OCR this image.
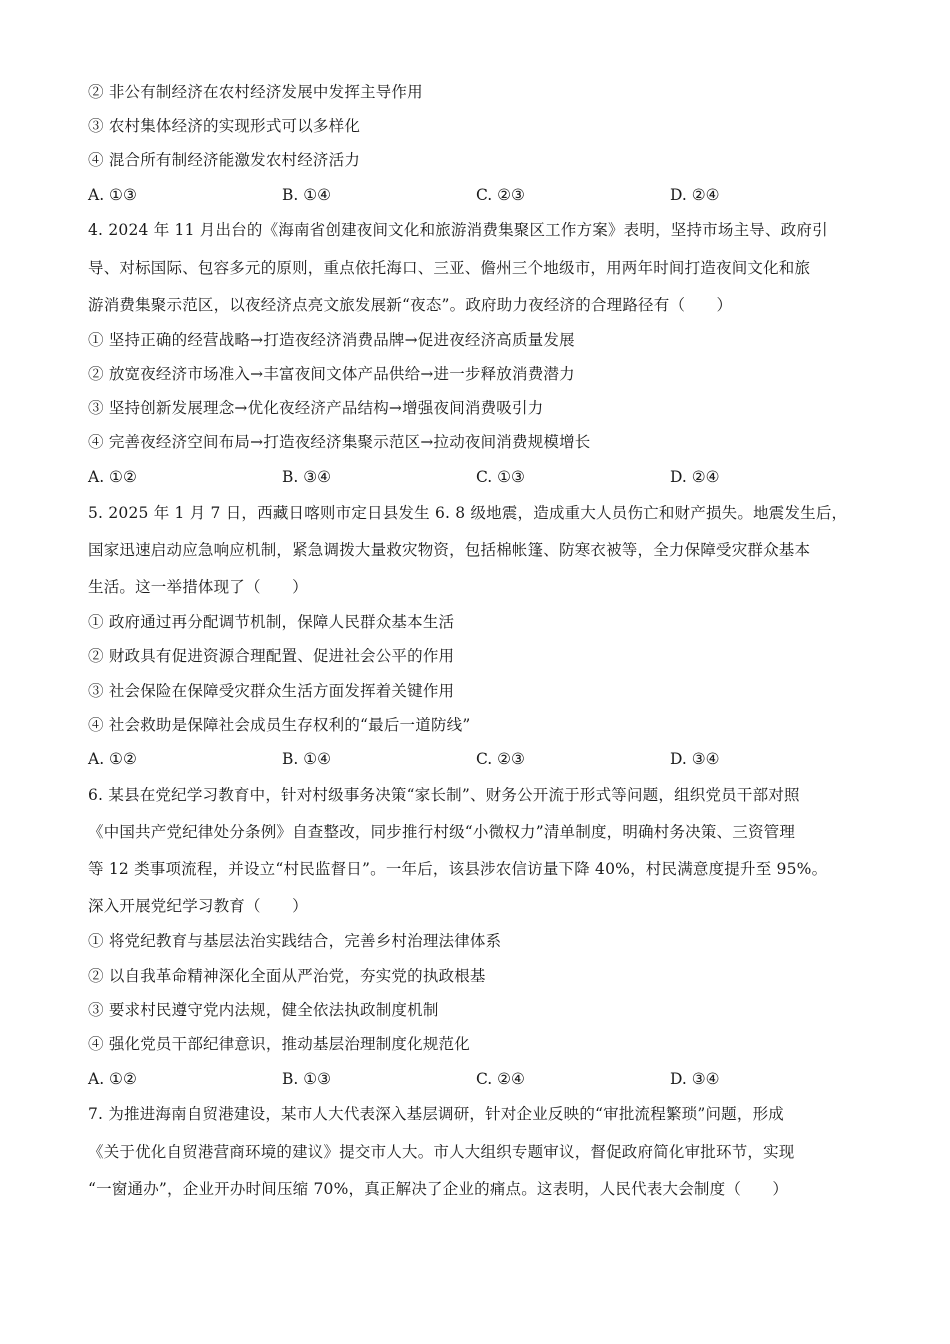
② 非公有制经济在农村经济发展中发挥主导作用
③ 农村集体经济的实现形式可以多样化
④ 混合所有制经济能激发农村经济活力
A. ①③	B. ①④	C. ②③	D. ②④
4. 2024 年 11 月出台的《海南省创建夜间文化和旅游消费集聚区工作方案》表明，坚持市场主导、政府引
导、对标国际、包容多元的原则，重点依托海口、三亚、儋州三个地级市，用两年时间打造夜间文化和旅
游消费集聚示范区，以夜经济点亮文旅发展新“夜态”。政府助力夜经济的合理路径有（　　）
① 坚持正确的经营战略→打造夜经济消费品牌→促进夜经济高质量发展
② 放宽夜经济市场准入→丰富夜间文体产品供给→进一步释放消费潜力
③ 坚持创新发展理念→优化夜经济产品结构→增强夜间消费吸引力
④ 完善夜经济空间布局→打造夜经济集聚示范区→拉动夜间消费规模增长
A. ①②	B. ③④	C. ①③	D. ②④
5. 2025 年 1 月 7 日，西藏日喀则市定日县发生 6. 8 级地震，造成重大人员伤亡和财产损失。地震发生后，
国家迅速启动应急响应机制，紧急调拨大量救灾物资，包括棉帐篷、防寒衣被等，全力保障受灾群众基本
生活。这一举措体现了（　　）
① 政府通过再分配调节机制，保障人民群众基本生活
② 财政具有促进资源合理配置、促进社会公平的作用
③ 社会保险在保障受灾群众生活方面发挥着关键作用
④ 社会救助是保障社会成员生存权利的“最后一道防线”
A. ①②	B. ①④	C. ②③	D. ③④
6. 某县在党纪学习教育中，针对村级事务决策“家长制”、财务公开流于形式等问题，组织党员干部对照
《中国共产党纪律处分条例》自查整改，同步推行村级“小微权力”清单制度，明确村务决策、三资管理
等 12 类事项流程，并设立“村民监督日”。一年后，该县涉农信访量下降 40%，村民满意度提升至 95%。
深入开展党纪学习教育（　　）
① 将党纪教育与基层法治实践结合，完善乡村治理法律体系
② 以自我革命精神深化全面从严治党，夯实党的执政根基
③ 要求村民遵守党内法规，健全依法执政制度机制
④ 强化党员干部纪律意识，推动基层治理制度化规范化
A. ①②	B. ①③	C. ②④	D. ③④
7. 为推进海南自贸港建设，某市人大代表深入基层调研，针对企业反映的“审批流程繁琐”问题，形成
《关于优化自贸港营商环境的建议》提交市人大。市人大组织专题审议，督促政府简化审批环节，实现
“一窗通办”，企业开办时间压缩 70%，真正解决了企业的痛点。这表明，人民代表大会制度（　　）
